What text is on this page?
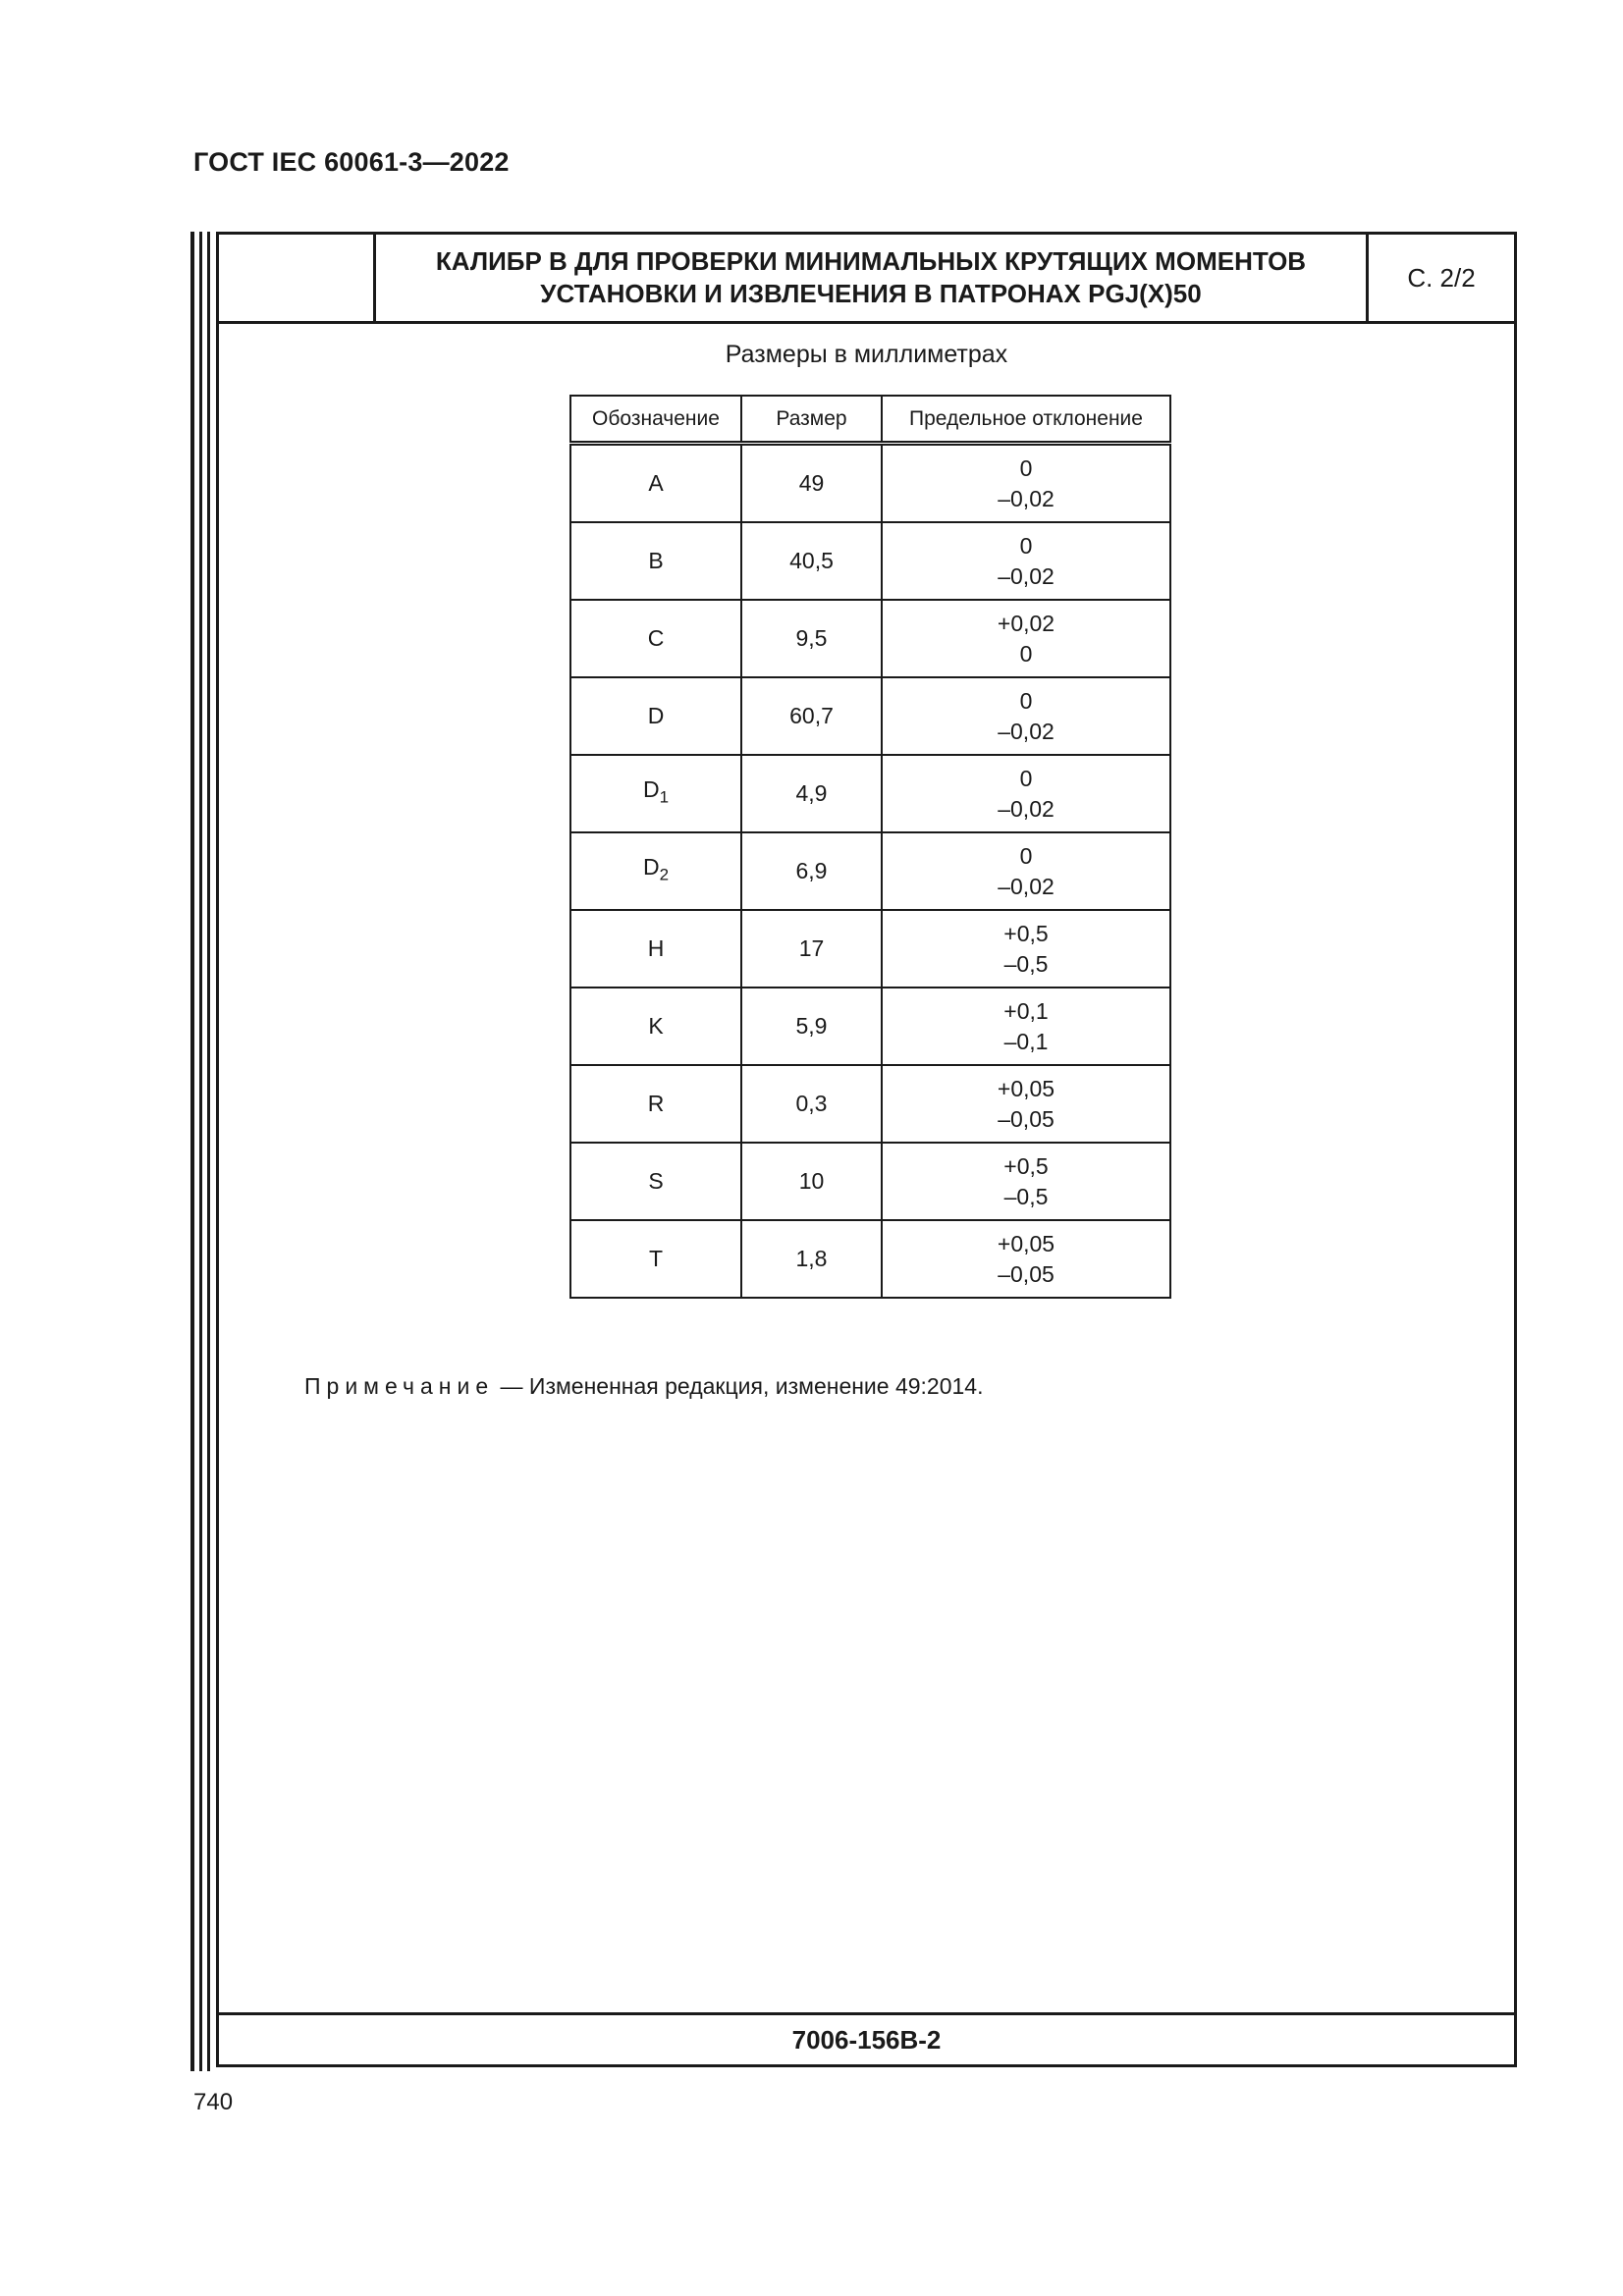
ГОСТ IEC 60061-3—2022
КАЛИБР В ДЛЯ ПРОВЕРКИ МИНИМАЛЬНЫХ КРУТЯЩИХ МОМЕНТОВ
УСТАНОВКИ И ИЗВЛЕЧЕНИЯ В ПАТРОНАХ PGJ(X)50
С. 2/2
Размеры в миллиметрах
Обозначение	Размер	Предельное отклонение
A	49	0
–0,02

B	40,5	0
–0,02

C	9,5	+0,02
0

D	60,7	0
–0,02

$D_1$	4,9	0
–0,02

$D_2$	6,9	0
–0,02

H	17	+0,5
–0,5

K	5,9	+0,1
–0,1

R	0,3	+0,05
–0,05

S	10	+0,5
–0,5

T	1,8	+0,05
–0,05
Примечание — Измененная редакция, изменение 49:2014.
7006-156В-2
740
